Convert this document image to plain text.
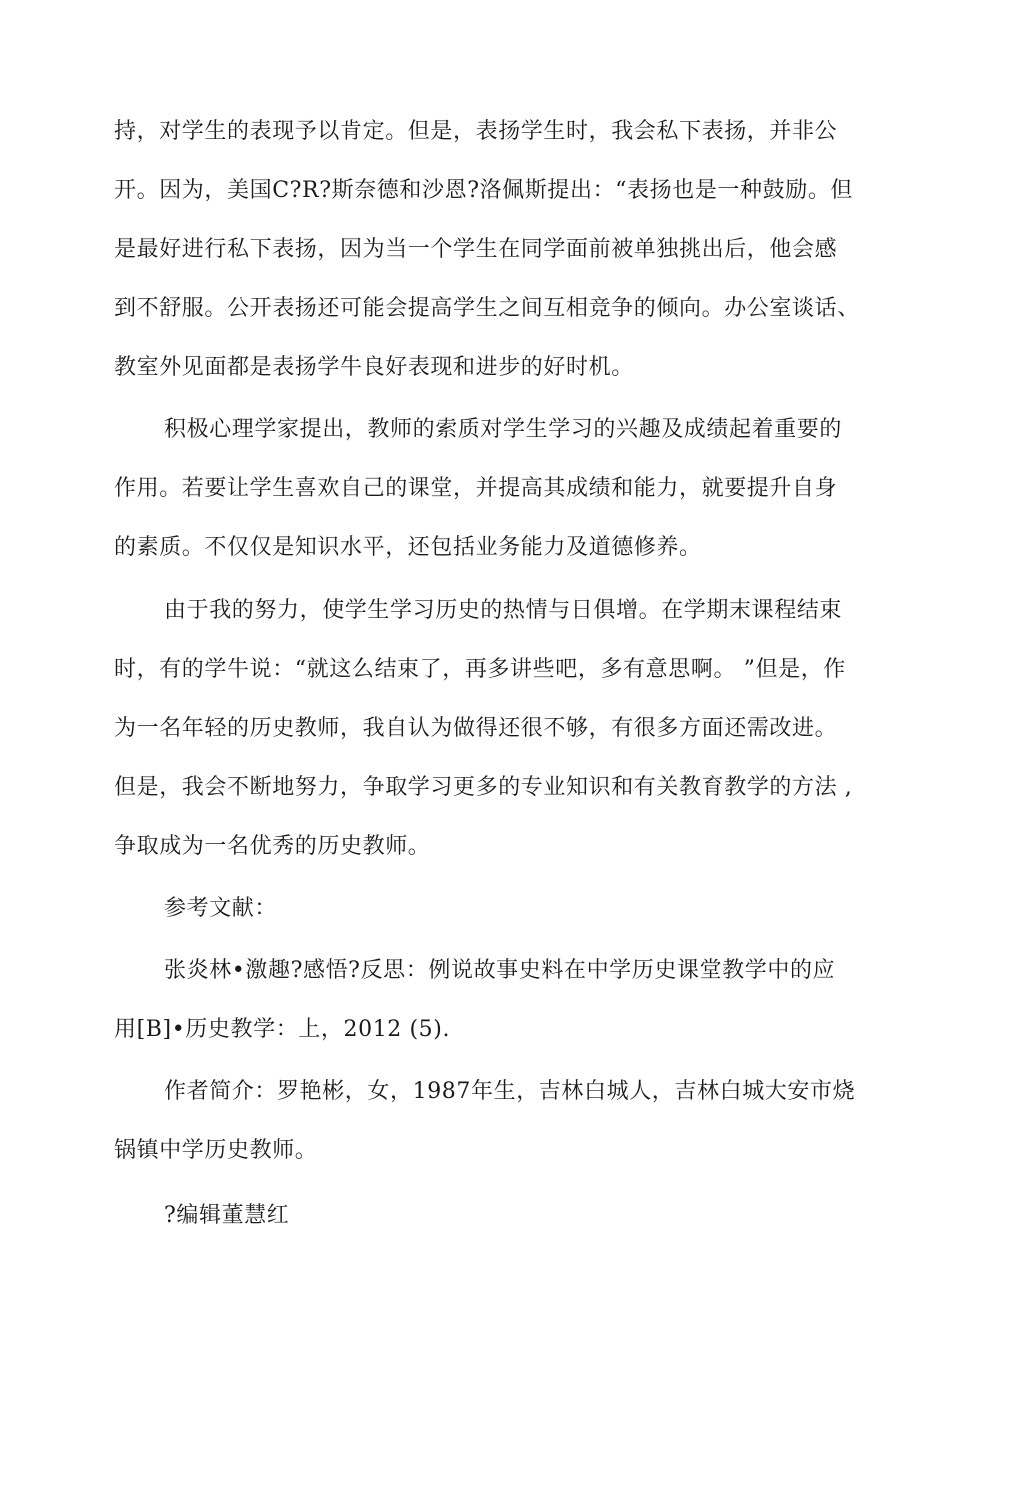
持，对学生的表现予以肯定。但是，表扬学生时，我会私下表扬，并非公
开。因为，美国C?R?斯奈德和沙恩?洛佩斯提出：“表扬也是一种鼓励。但
是最好进行私下表扬，因为当一个学生在同学面前被单独挑出后，他会感
到不舒服。公开表扬还可能会提高学生之间互相竞争的倾向。办公室谈话、
教室外见面都是表扬学牛良好表现和进步的好时机。
积极心理学家提出，教师的索质对学生学习的兴趣及成绩起着重要的
作用。若要让学生喜欢自己的课堂，并提高其成绩和能力，就要提升自身
的素质。不仅仅是知识水平，还包括业务能力及道德修养。
由于我的努力，使学生学习历史的热情与日俱增。在学期末课程结束
时，有的学牛说：“就这么结束了，再多讲些吧，多有意思啊。 ”但是，作
为一名年轻的历史教师，我自认为做得还很不够，有很多方面还需改进。
但是，我会不断地努力，争取学习更多的专业知识和有关教育教学的方法 ,
争取成为一名优秀的历史教师。
参考文献：
张炎林•激趣?感悟?反思：例说故事史料在中学历史课堂教学中的应
用[B]•历史教学：上，2012 (5).
作者简介：罗艳彬，女，1987年生，吉林白城人，吉林白城大安市烧
锅镇中学历史教师。
?编辑董慧红
